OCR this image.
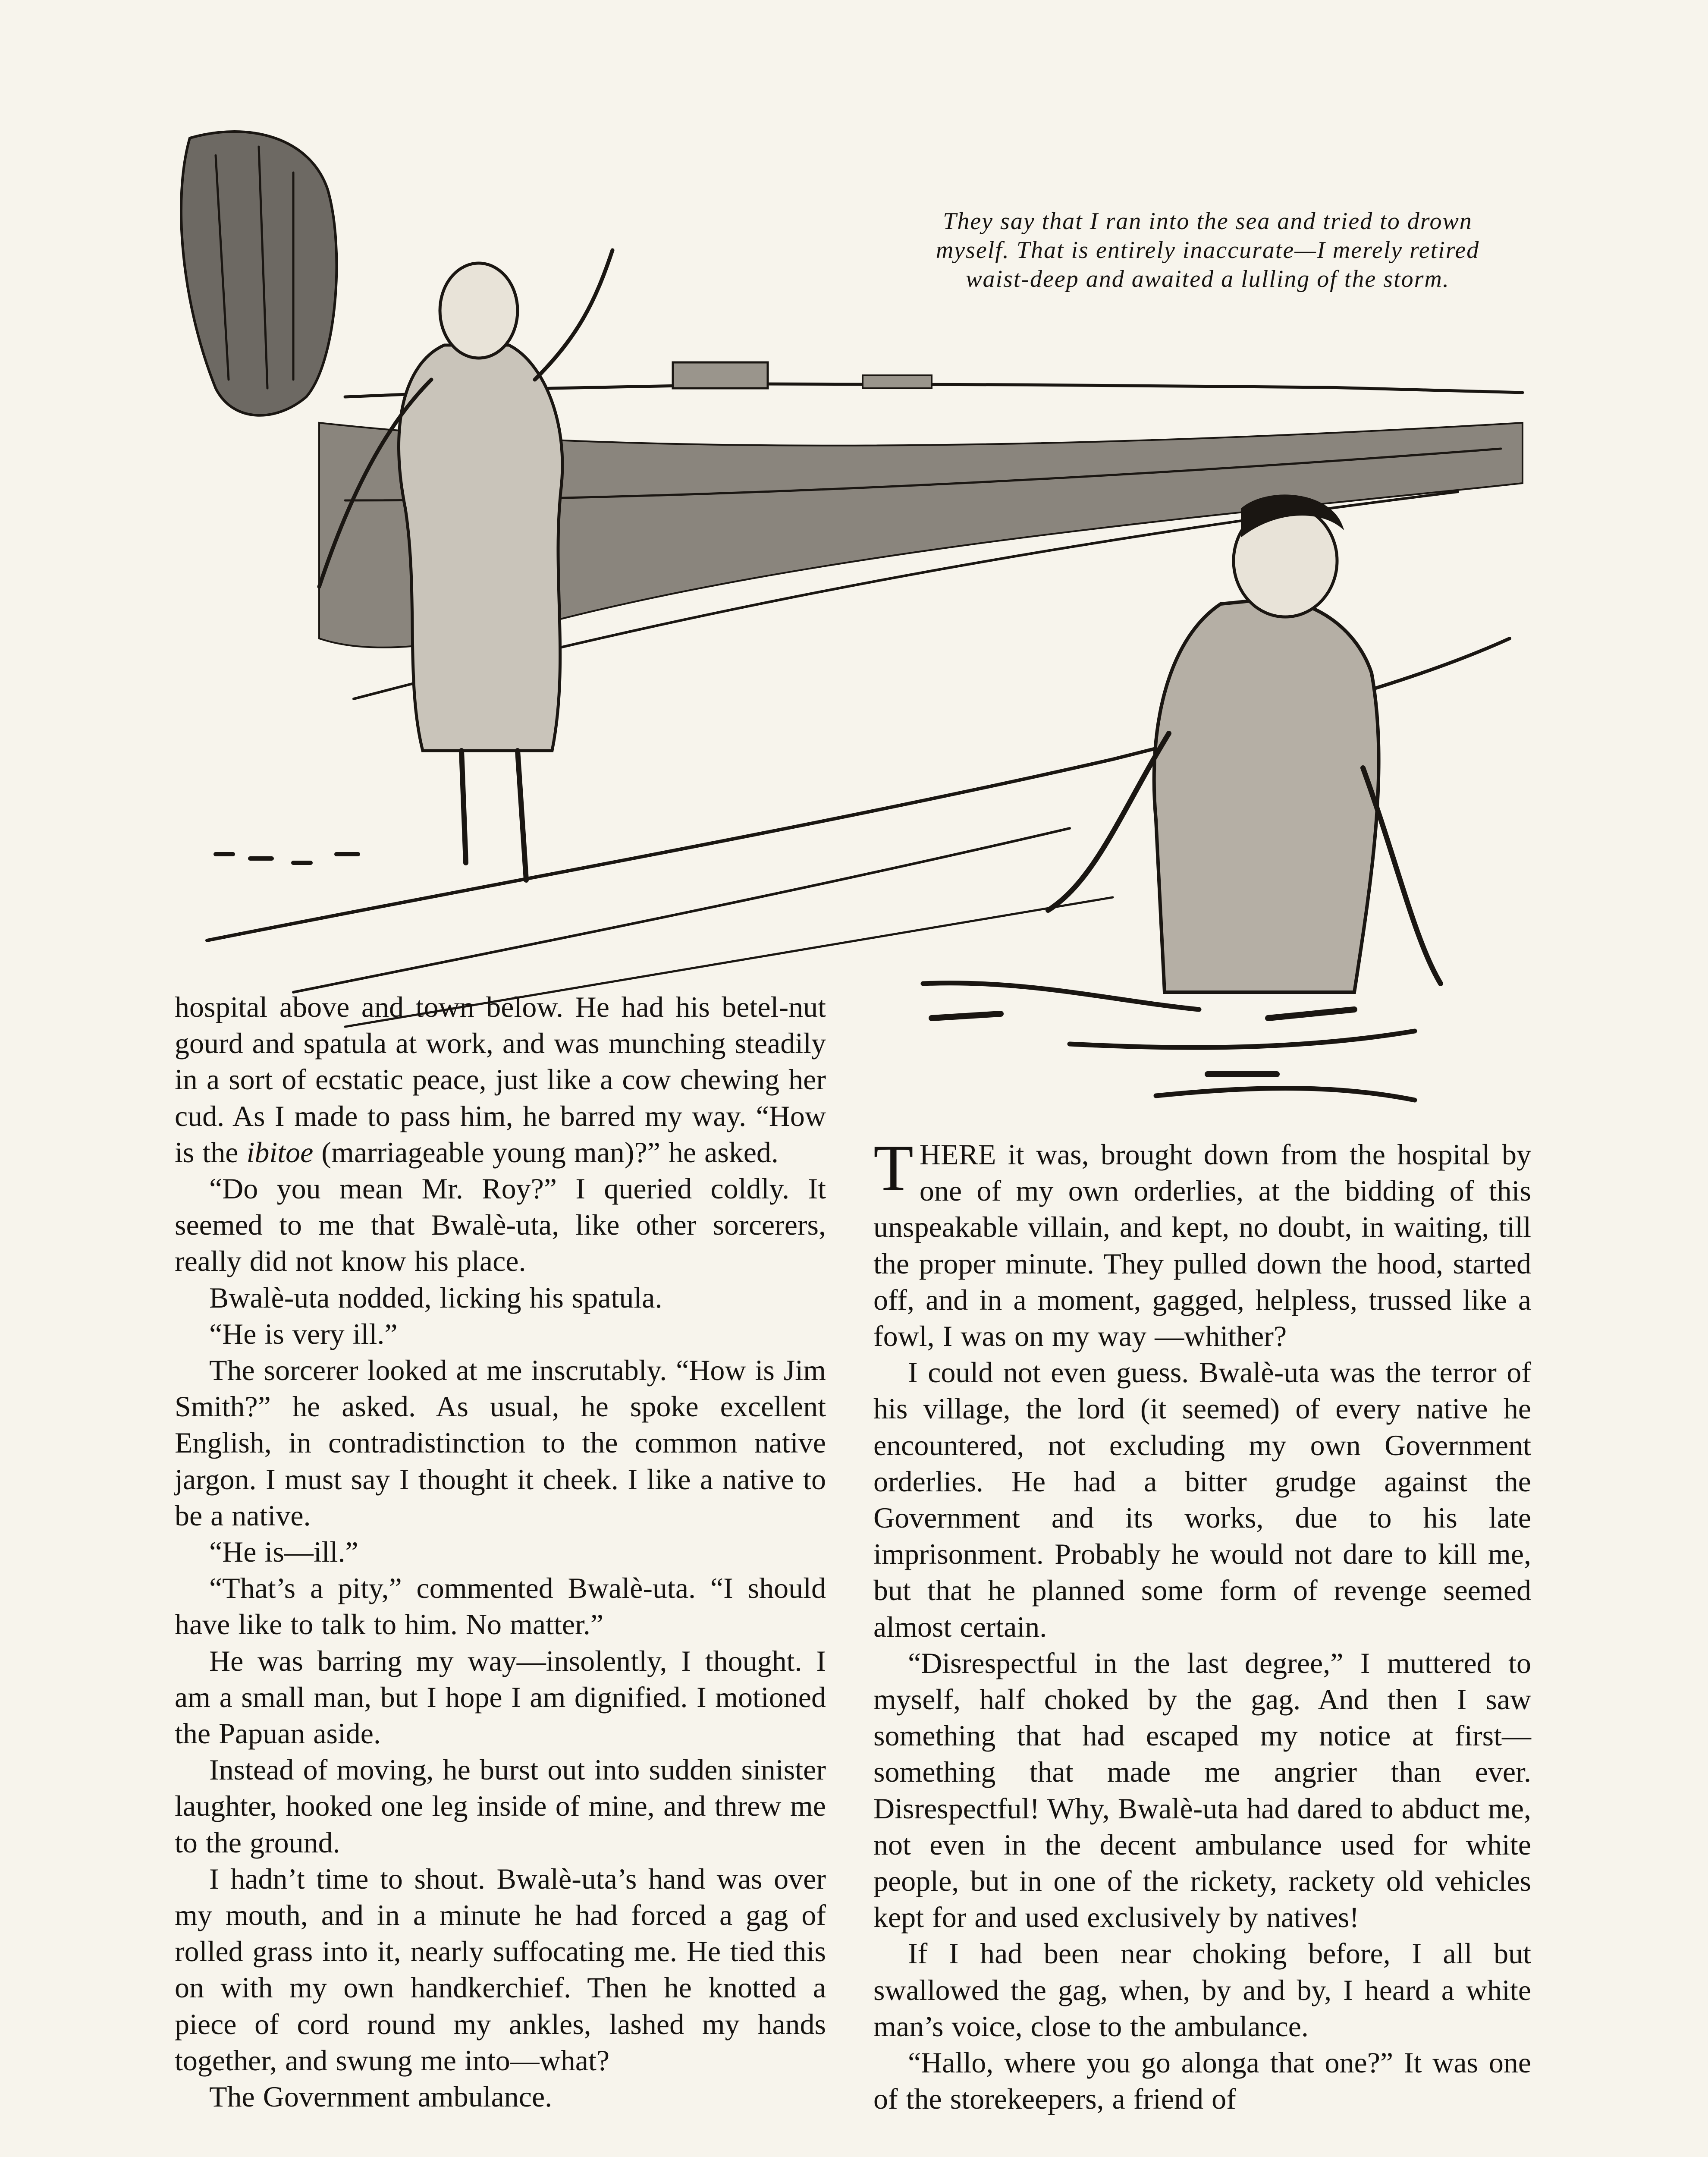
They say that I ran into the sea and tried to drown myself. That is entirely inaccurate—I merely retired waist-deep and awaited a lulling of the storm.

hospital above and town below. He had his betel-nut gourd and spatula at work, and was munching steadily in a sort of ecstatic peace, just like a cow chewing her cud. As I made to pass him, he barred my way. “How is the ibitoe (marriageable young man)?” he asked.

“Do you mean Mr. Roy?” I queried coldly. It seemed to me that Bwalè-uta, like other sorcerers, really did not know his place.

Bwalè-uta nodded, licking his spatula.

“He is very ill.”

The sorcerer looked at me inscrutably. “How is Jim Smith?” he asked. As usual, he spoke excellent English, in contradistinction to the common native jargon. I must say I thought it cheek. I like a native to be a native.

“He is—ill.”

“That’s a pity,” commented Bwalè-uta. “I should have like to talk to him. No matter.”

He was barring my way—insolently, I thought. I am a small man, but I hope I am dignified. I motioned the Papuan aside.

Instead of moving, he burst out into sudden sinister laughter, hooked one leg inside of mine, and threw me to the ground.

I hadn’t time to shout. Bwalè-uta’s hand was over my mouth, and in a minute he had forced a gag of rolled grass into it, nearly suffocating me. He tied this on with my own handkerchief. Then he knotted a piece of cord round my ankles, lashed my hands together, and swung me into—what?

The Government ambulance.

THERE it was, brought down from the hospital by one of my own orderlies, at the bidding of this unspeakable villain, and kept, no doubt, in waiting, till the proper minute. They pulled down the hood, started off, and in a moment, gagged, helpless, trussed like a fowl, I was on my way —whither?

I could not even guess. Bwalè-uta was the terror of his village, the lord (it seemed) of every native he encountered, not excluding my own Government orderlies. He had a bitter grudge against the Government and its works, due to his late imprisonment. Probably he would not dare to kill me, but that he planned some form of revenge seemed almost certain.

“Disrespectful in the last degree,” I muttered to myself, half choked by the gag. And then I saw something that had escaped my notice at first—something that made me angrier than ever. Disrespectful! Why, Bwalè-uta had dared to abduct me, not even in the decent ambulance used for white people, but in one of the rickety, rackety old vehicles kept for and used exclusively by natives!

If I had been near choking before, I all but swallowed the gag, when, by and by, I heard a white man’s voice, close to the ambulance.

“Hallo, where you go alonga that one?” It was one of the storekeepers, a friend of
